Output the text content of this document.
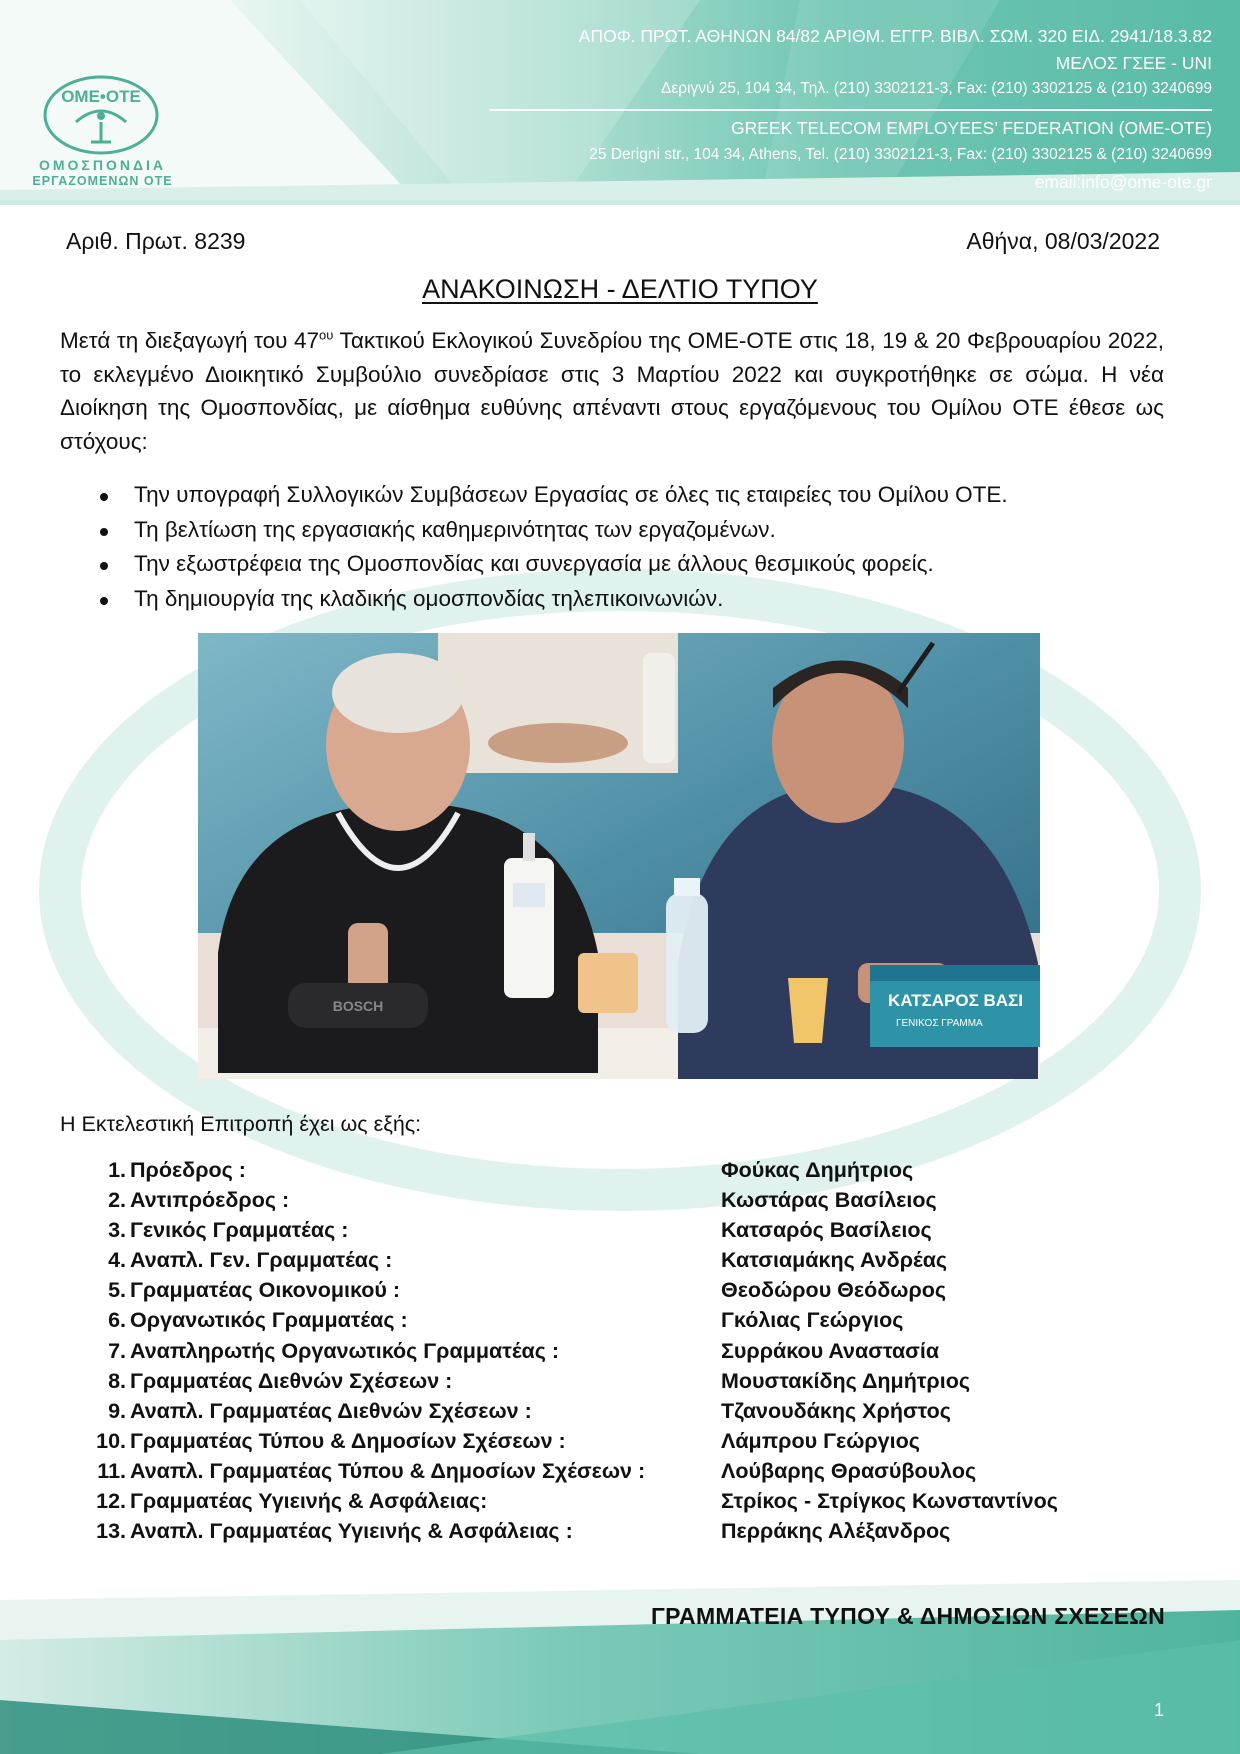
ΟΜΕ•ΟΤΕ
ΟΜΟΣΠΟΝΔΙΑ
ΕΡΓΑΖΟΜΕΝΩΝ ΟΤΕ
ΑΠΟΦ. ΠΡΩΤ. ΑΘΗΝΩΝ 84/82 ΑΡΙΘΜ. ΕΓΓΡ. ΒΙΒΛ. ΣΩΜ. 320 ΕΙΔ. 2941/18.3.82
ΜΕΛΟΣ ΓΣΕΕ - UNI
Δεριγνύ 25, 104 34, Τηλ. (210) 3302121-3, Fax: (210) 3302125 & (210) 3240699
GREEK TELECOM EMPLOYEES’ FEDERATION (OME-OTE)
25 Derigni str., 104 34, Athens, Tel. (210) 3302121-3, Fax: (210) 3302125 & (210) 3240699
email:info@ome-ote.gr
Αριθ. Πρωτ. 8239	Αθήνα, 08/03/2022
ΑΝΑΚΟΙΝΩΣΗ - ΔΕΛΤΙΟ ΤΥΠΟΥ

Μετά τη διεξαγωγή του $47^{o\upsilon}$ Τακτικού Εκλογικού Συνεδρίου της ΟΜΕ-ΟΤΕ στις 18, 19 & 20 Φεβρουαρίου 2022, το εκλεγμένο Διοικητικό Συμβούλιο συνεδρίασε στις 3 Μαρτίου 2022 και συγκροτήθηκε σε σώμα. Η νέα Διοίκηση της Ομοσπονδίας, με αίσθημα ευθύνης απέναντι στους εργαζόμενους του Ομίλου ΟΤΕ έθεσε ως στόχους:

Την υπογραφή Συλλογικών Συμβάσεων Εργασίας σε όλες τις εταιρείες του Ομίλου ΟΤΕ.
Τη βελτίωση της εργασιακής καθημερινότητας των εργαζομένων.
Την εξωστρέφεια της Ομοσπονδίας και συνεργασία με άλλους θεσμικούς φορείς.
Τη δημιουργία της κλαδικής ομοσπονδίας τηλεπικοινωνιών.
BOSCH	ΚΑΤΣΑΡΟΣ ΒΑΣΙ
ΓΕΝΙΚΟΣ ΓΡΑΜΜΑ
Η Εκτελεστική Επιτροπή έχει ως εξής:
1. Πρόεδρος :	Φούκας Δημήτριος
2. Αντιπρόεδρος :	Κωστάρας Βασίλειος
3. Γενικός Γραμματέας :	Κατσαρός Βασίλειος
4. Αναπλ. Γεν. Γραμματέας :	Κατσιαμάκης Ανδρέας
5. Γραμματέας Οικονομικού :	Θεοδώρου Θεόδωρος
6. Οργανωτικός Γραμματέας :	Γκόλιας Γεώργιος
7. Αναπληρωτής Οργανωτικός Γραμματέας :	Συρράκου Αναστασία
8. Γραμματέας Διεθνών Σχέσεων :	Μουστακίδης Δημήτριος
9. Αναπλ. Γραμματέας Διεθνών Σχέσεων :	Τζανουδάκης Χρήστος
10. Γραμματέας Τύπου & Δημοσίων Σχέσεων :	Λάμπρου Γεώργιος
11. Αναπλ. Γραμματέας Τύπου & Δημοσίων Σχέσεων :	Λούβαρης Θρασύβουλος
12. Γραμματέας Υγιεινής & Ασφάλειας:	Στρίκος - Στρίγκος Κωνσταντίνος
13. Αναπλ. Γραμματέας Υγιεινής & Ασφάλειας :	Περράκης Αλέξανδρος
ΓΡΑΜΜΑΤΕΙΑ ΤΥΠΟΥ & ΔΗΜΟΣΙΩΝ ΣΧΕΣΕΩΝ
1
